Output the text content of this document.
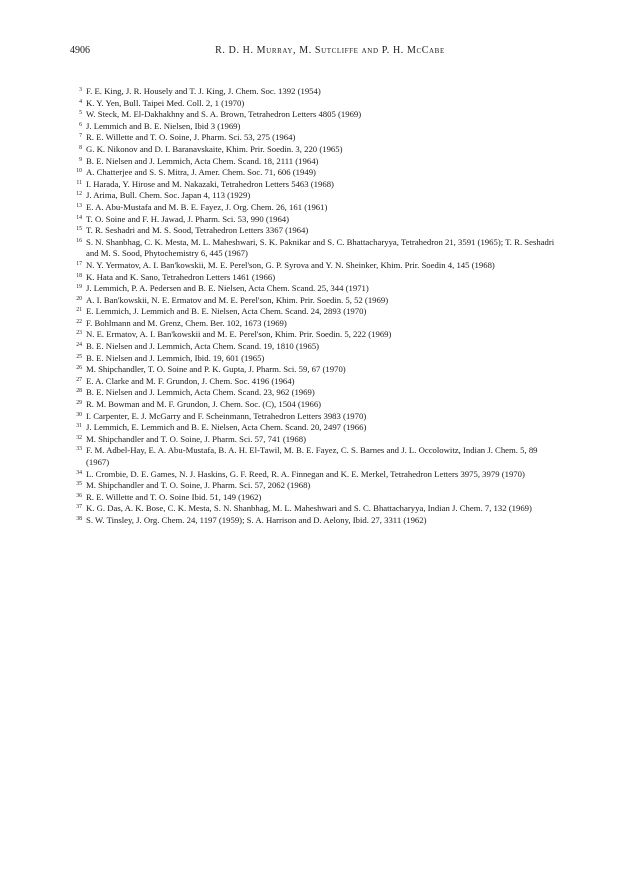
4906	R. D. H. Murray, M. Sutcliffe and P. H. McCabe
3 F. E. King, J. R. Housely and T. J. King, J. Chem. Soc. 1392 (1954)
4 K. Y. Yen, Bull. Taipei Med. Coll. 2, 1 (1970)
5 W. Steck, M. El-Dakhakhny and S. A. Brown, Tetrahedron Letters 4805 (1969)
6 J. Lemmich and B. E. Nielsen, Ibid 3 (1969)
7 R. E. Willette and T. O. Soine, J. Pharm. Sci. 53, 275 (1964)
8 G. K. Nikonov and D. I. Baranavskaite, Khim. Prir. Soedin. 3, 220 (1965)
9 B. E. Nielsen and J. Lemmich, Acta Chem. Scand. 18, 2111 (1964)
10 A. Chatterjee and S. S. Mitra, J. Amer. Chem. Soc. 71, 606 (1949)
11 I. Harada, Y. Hirose and M. Nakazaki, Tetrahedron Letters 5463 (1968)
12 J. Arima, Bull. Chem. Soc. Japan 4, 113 (1929)
13 E. A. Abu-Mustafa and M. B. E. Fayez, J. Org. Chem. 26, 161 (1961)
14 T. O. Soine and F. H. Jawad, J. Pharm. Sci. 53, 990 (1964)
15 T. R. Seshadri and M. S. Sood, Tetrahedron Letters 3367 (1964)
16 S. N. Shanbhag, C. K. Mesta, M. L. Maheshwari, S. K. Paknikar and S. C. Bhattacharyya, Tetrahedron 21, 3591 (1965); T. R. Seshadri and M. S. Sood, Phytochemistry 6, 445 (1967)
17 N. Y. Yermatov, A. I. Ban'kowskii, M. E. Perel'son, G. P. Syrova and Y. N. Sheinker, Khim. Prir. Soedin 4, 145 (1968)
18 K. Hata and K. Sano, Tetrahedron Letters 1461 (1966)
19 J. Lemmich, P. A. Pedersen and B. E. Nielsen, Acta Chem. Scand. 25, 344 (1971)
20 A. I. Ban'kowskii, N. E. Ermatov and M. E. Perel'son, Khim. Prir. Soedin. 5, 52 (1969)
21 E. Lemmich, J. Lemmich and B. E. Nielsen, Acta Chem. Scand. 24, 2893 (1970)
22 F. Bohlmann and M. Grenz, Chem. Ber. 102, 1673 (1969)
23 N. E. Ermatov, A. I. Ban'kowskii and M. E. Perel'son, Khim. Prir. Soedin. 5, 222 (1969)
24 B. E. Nielsen and J. Lemmich, Acta Chem. Scand. 19, 1810 (1965)
25 B. E. Nielsen and J. Lemmich, Ibid. 19, 601 (1965)
26 M. Shipchandler, T. O. Soine and P. K. Gupta, J. Pharm. Sci. 59, 67 (1970)
27 E. A. Clarke and M. F. Grundon, J. Chem. Soc. 4196 (1964)
28 B. E. Nielsen and J. Lemmich, Acta Chem. Scand. 23, 962 (1969)
29 R. M. Bowman and M. F. Grundon, J. Chem. Soc. (C), 1504 (1966)
30 I. Carpenter, E. J. McGarry and F. Scheinmann, Tetrahedron Letters 3983 (1970)
31 J. Lemmich, E. Lemmich and B. E. Nielsen, Acta Chem. Scand. 20, 2497 (1966)
32 M. Shipchandler and T. O. Soine, J. Pharm. Sci. 57, 741 (1968)
33 F. M. Adbel-Hay, E. A. Abu-Mustafa, B. A. H. El-Tawil, M. B. E. Fayez, C. S. Barnes and J. L. Occolowitz, Indian J. Chem. 5, 89 (1967)
34 L. Crombie, D. E. Games, N. J. Haskins, G. F. Reed, R. A. Finnegan and K. E. Merkel, Tetrahedron Letters 3975, 3979 (1970)
35 M. Shipchandler and T. O. Soine, J. Pharm. Sci. 57, 2062 (1968)
36 R. E. Willette and T. O. Soine Ibid. 51, 149 (1962)
37 K. G. Das, A. K. Bose, C. K. Mesta, S. N. Shanbhag, M. L. Maheshwari and S. C. Bhattacharyya, Indian J. Chem. 7, 132 (1969)
38 S. W. Tinsley, J. Org. Chem. 24, 1197 (1959); S. A. Harrison and D. Aelony, Ibid. 27, 3311 (1962)
